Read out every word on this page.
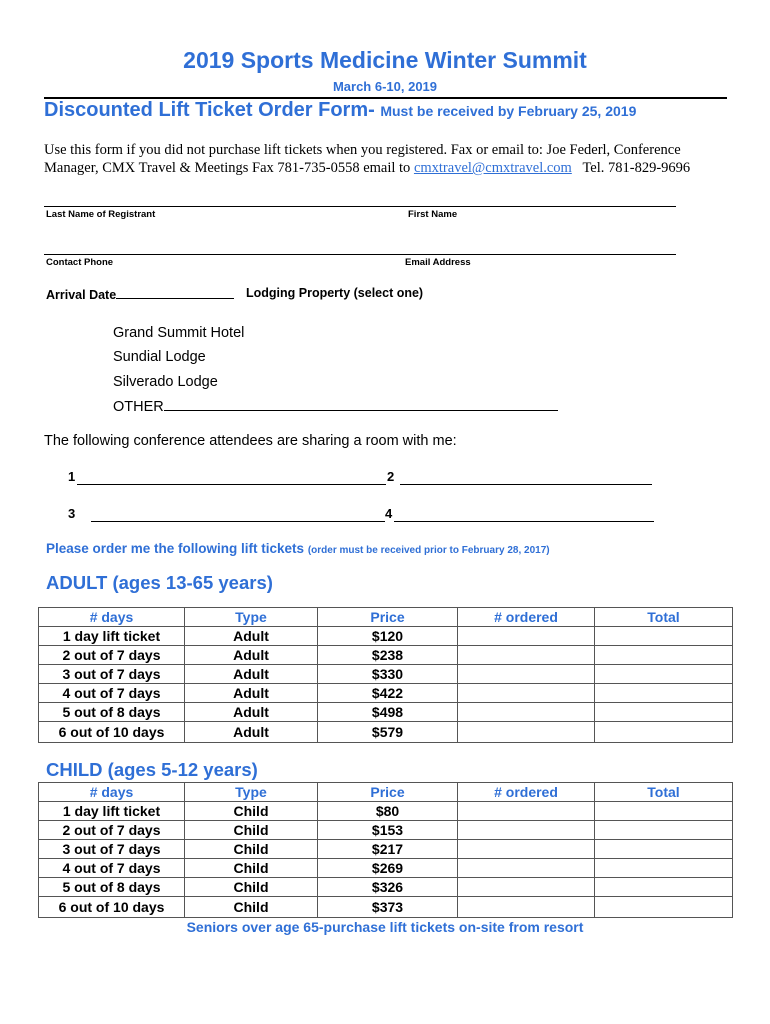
2019 Sports Medicine Winter Summit
March 6-10, 2019
Discounted Lift Ticket Order Form- Must be received by February 25, 2019
Use this form if you did not purchase lift tickets when you registered. Fax or email to: Joe Federl, Conference Manager, CMX Travel & Meetings Fax 781-735-0558 email to cmxtravel@cmxtravel.com   Tel. 781-829-9696
Last Name of Registrant	First Name
Contact Phone	Email Address
Arrival Date	Lodging Property (select one)
Grand Summit Hotel
Sundial Lodge
Silverado Lodge
OTHER
The following conference attendees are sharing a room with me:
1	2
3	4
Please order me the following lift tickets (order must be received prior to February 28, 2017)
ADULT (ages 13-65 years)
# days	Type	Price	# ordered	Total
1 day lift ticket	Adult	$120		
2 out of 7 days	Adult	$238		
3 out of 7 days	Adult	$330		
4 out of 7 days	Adult	$422		
5 out of 8 days	Adult	$498		
6 out of 10 days	Adult	$579		
CHILD (ages 5-12 years)
# days	Type	Price	# ordered	Total
1 day lift ticket	Child	$80		
2 out of 7 days	Child	$153		
3 out of 7 days	Child	$217		
4 out of 7 days	Child	$269		
5 out of 8 days	Child	$326		
6 out of 10 days	Child	$373		
Seniors over age 65-purchase lift tickets on-site from resort
